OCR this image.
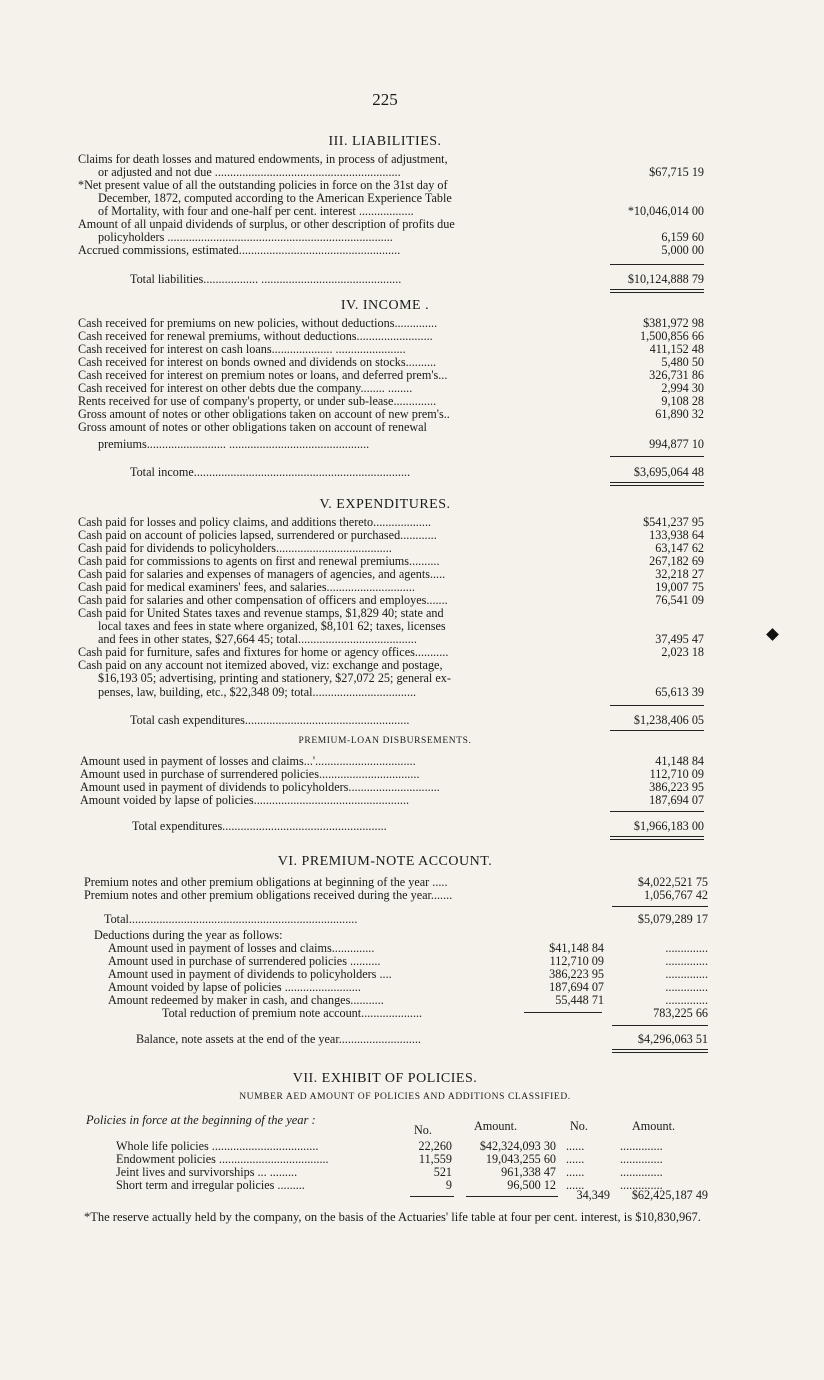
225
III. LIABILITIES.
Claims for death losses and matured endowments, in process of adjustment,
or adjusted and not due .............................................................	$67,715 19
*Net present value of all the outstanding policies in force on the 31st day of
December, 1872, computed according to the American Experience Table
of Mortality, with four and one-half per cent. interest ..................	*10,046,014 00
Amount of all unpaid dividends of surplus, or other description of profits due
policyholders ..........................................................................	6,159 60
Accrued commissions, estimated.....................................................	5,000 00
Total liabilities.................. ..............................................	$10,124,888 79
IV. INCOME .
Cash received for premiums on new policies, without deductions..............	$381,972 98
Cash received for renewal premiums, without deductions.........................	1,500,856 66
Cash received for interest on cash loans.................... .......................	411,152 48
Cash received for interest on bonds owned and dividends on stocks..........	5,480 50
Cash received for interest on premium notes or loans, and deferred prem's...	326,731 86
Cash received for interest on other debts due the company........ ........	2,994 30
Rents received for use of company's property, or under sub-lease..............	9,108 28
Gross amount of notes or other obligations taken on account of new prem's..	61,890 32
Gross amount of notes or other obligations taken on account of renewal
premiums.......................... ..............................................	994,877 10
Total income.......................................................................	$3,695,064 48
V. EXPENDITURES.
Cash paid for losses and policy claims, and additions thereto...................	$541,237 95
Cash paid on account of policies lapsed, surrendered or purchased............	133,938 64
Cash paid for dividends to policyholders......................................	63,147 62
Cash paid for commissions to agents on first and renewal premiums..........	267,182 69
Cash paid for salaries and expenses of managers of agencies, and agents.....	32,218 27
Cash paid for medical examiners' fees, and salaries.............................	19,007 75
Cash paid for salaries and other compensation of officers and employes.......	76,541 09
Cash paid for United States taxes and revenue stamps, $1,829 40; state and
local taxes and fees in state where organized, $8,101 62; taxes, licenses
and fees in other states, $27,664 45; total.......................................	37,495 47
Cash paid for furniture, safes and fixtures for home or agency offices...........	2,023 18
Cash paid on any account not itemized aboved, viz: exchange and postage,
$16,193 05; advertising, printing and stationery, $27,072 25; general ex-
penses, law, building, etc., $22,348 09; total..................................	65,613 39
Total cash expenditures......................................................	$1,238,406 05
PREMIUM-LOAN DISBURSEMENTS.
Amount used in payment of losses and claims...'.................................	41,148 84
Amount used in purchase of surrendered policies.................................	112,710 09
Amount used in payment of dividends to policyholders..............................	386,223 95
Amount voided by lapse of policies...................................................	187,694 07
Total expenditures......................................................	$1,966,183 00
VI. PREMIUM-NOTE ACCOUNT.
Premium notes and other premium obligations at beginning of the year .....	$4,022,521 75
Premium notes and other premium obligations received during the year.......	1,056,767 42
Total...........................................................................	$5,079,289 17
Deductions during the year as follows:
Amount used in payment of losses and claims..............	$41,148 84	..............
Amount used in purchase of surrendered policies ..........	112,710 09	..............
Amount used in payment of dividends to policyholders ....	386,223 95	..............
Amount voided by lapse of policies .........................	187,694 07	..............
Amount redeemed by maker in cash, and changes...........	55,448 71	..............
Total reduction of premium note account....................	783,225 66
Balance, note assets at the end of the year...........................	$4,296,063 51
VII. EXHIBIT OF POLICIES.
NUMBER AED AMOUNT OF POLICIES AND ADDITIONS CLASSIFIED.
Policies in force at the beginning of the year :
No.	Amount.	No.	Amount.
Whole life policies ...................................	22,260	$42,324,093 30 ......	..............
Endowment policies ....................................	11,559	19,043,255 60 ......	..............
Jeint lives and survivorships ... .........	521	961,338 47 ......	..............
Short term and irregular policies .........	9	96,500 12 ......	..............
34,349	$62,425,187 49
*The reserve actually held by the company, on the basis of the Actuaries' life table at four per cent. interest, is $10,830,967.
